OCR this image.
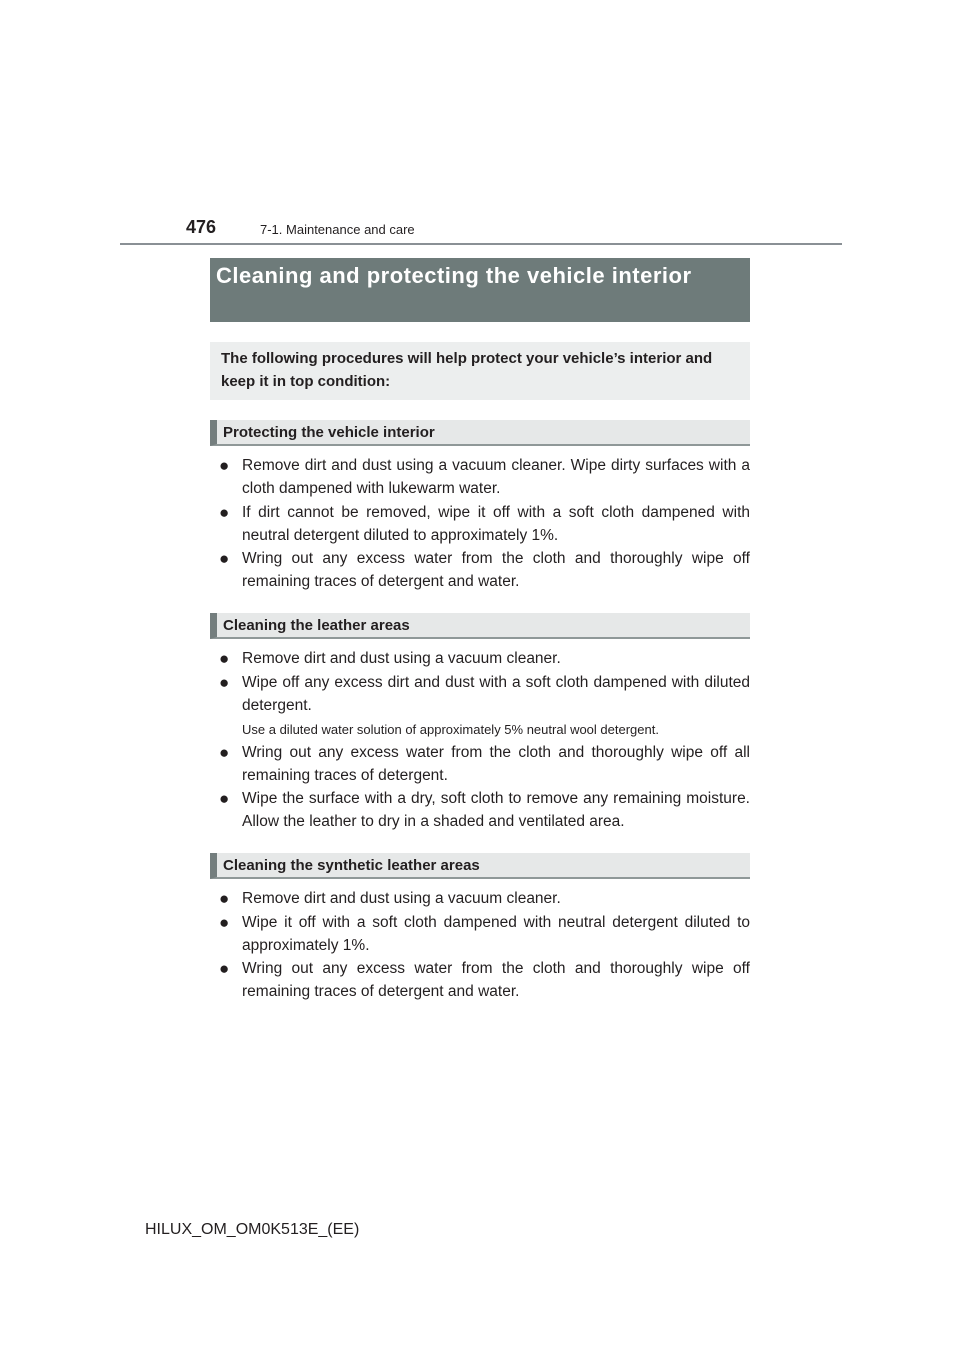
476	7-1. Maintenance and care
Cleaning and protecting the vehicle interior
The following procedures will help protect your vehicle’s interior and keep it in top condition:
Protecting the vehicle interior
● Remove dirt and dust using a vacuum cleaner. Wipe dirty surfaces with a cloth dampened with lukewarm water.
● If dirt cannot be removed, wipe it off with a soft cloth dampened with neutral detergent diluted to approximately 1%.
● Wring out any excess water from the cloth and thoroughly wipe off remaining traces of detergent and water.
Cleaning the leather areas
● Remove dirt and dust using a vacuum cleaner.
● Wipe off any excess dirt and dust with a soft cloth dampened with diluted detergent.
Use a diluted water solution of approximately 5% neutral wool detergent.
● Wring out any excess water from the cloth and thoroughly wipe off all remaining traces of detergent.
● Wipe the surface with a dry, soft cloth to remove any remaining moisture. Allow the leather to dry in a shaded and ventilated area.
Cleaning the synthetic leather areas
● Remove dirt and dust using a vacuum cleaner.
● Wipe it off with a soft cloth dampened with neutral detergent diluted to approximately 1%.
● Wring out any excess water from the cloth and thoroughly wipe off remaining traces of detergent and water.
HILUX_OM_OM0K513E_(EE)
